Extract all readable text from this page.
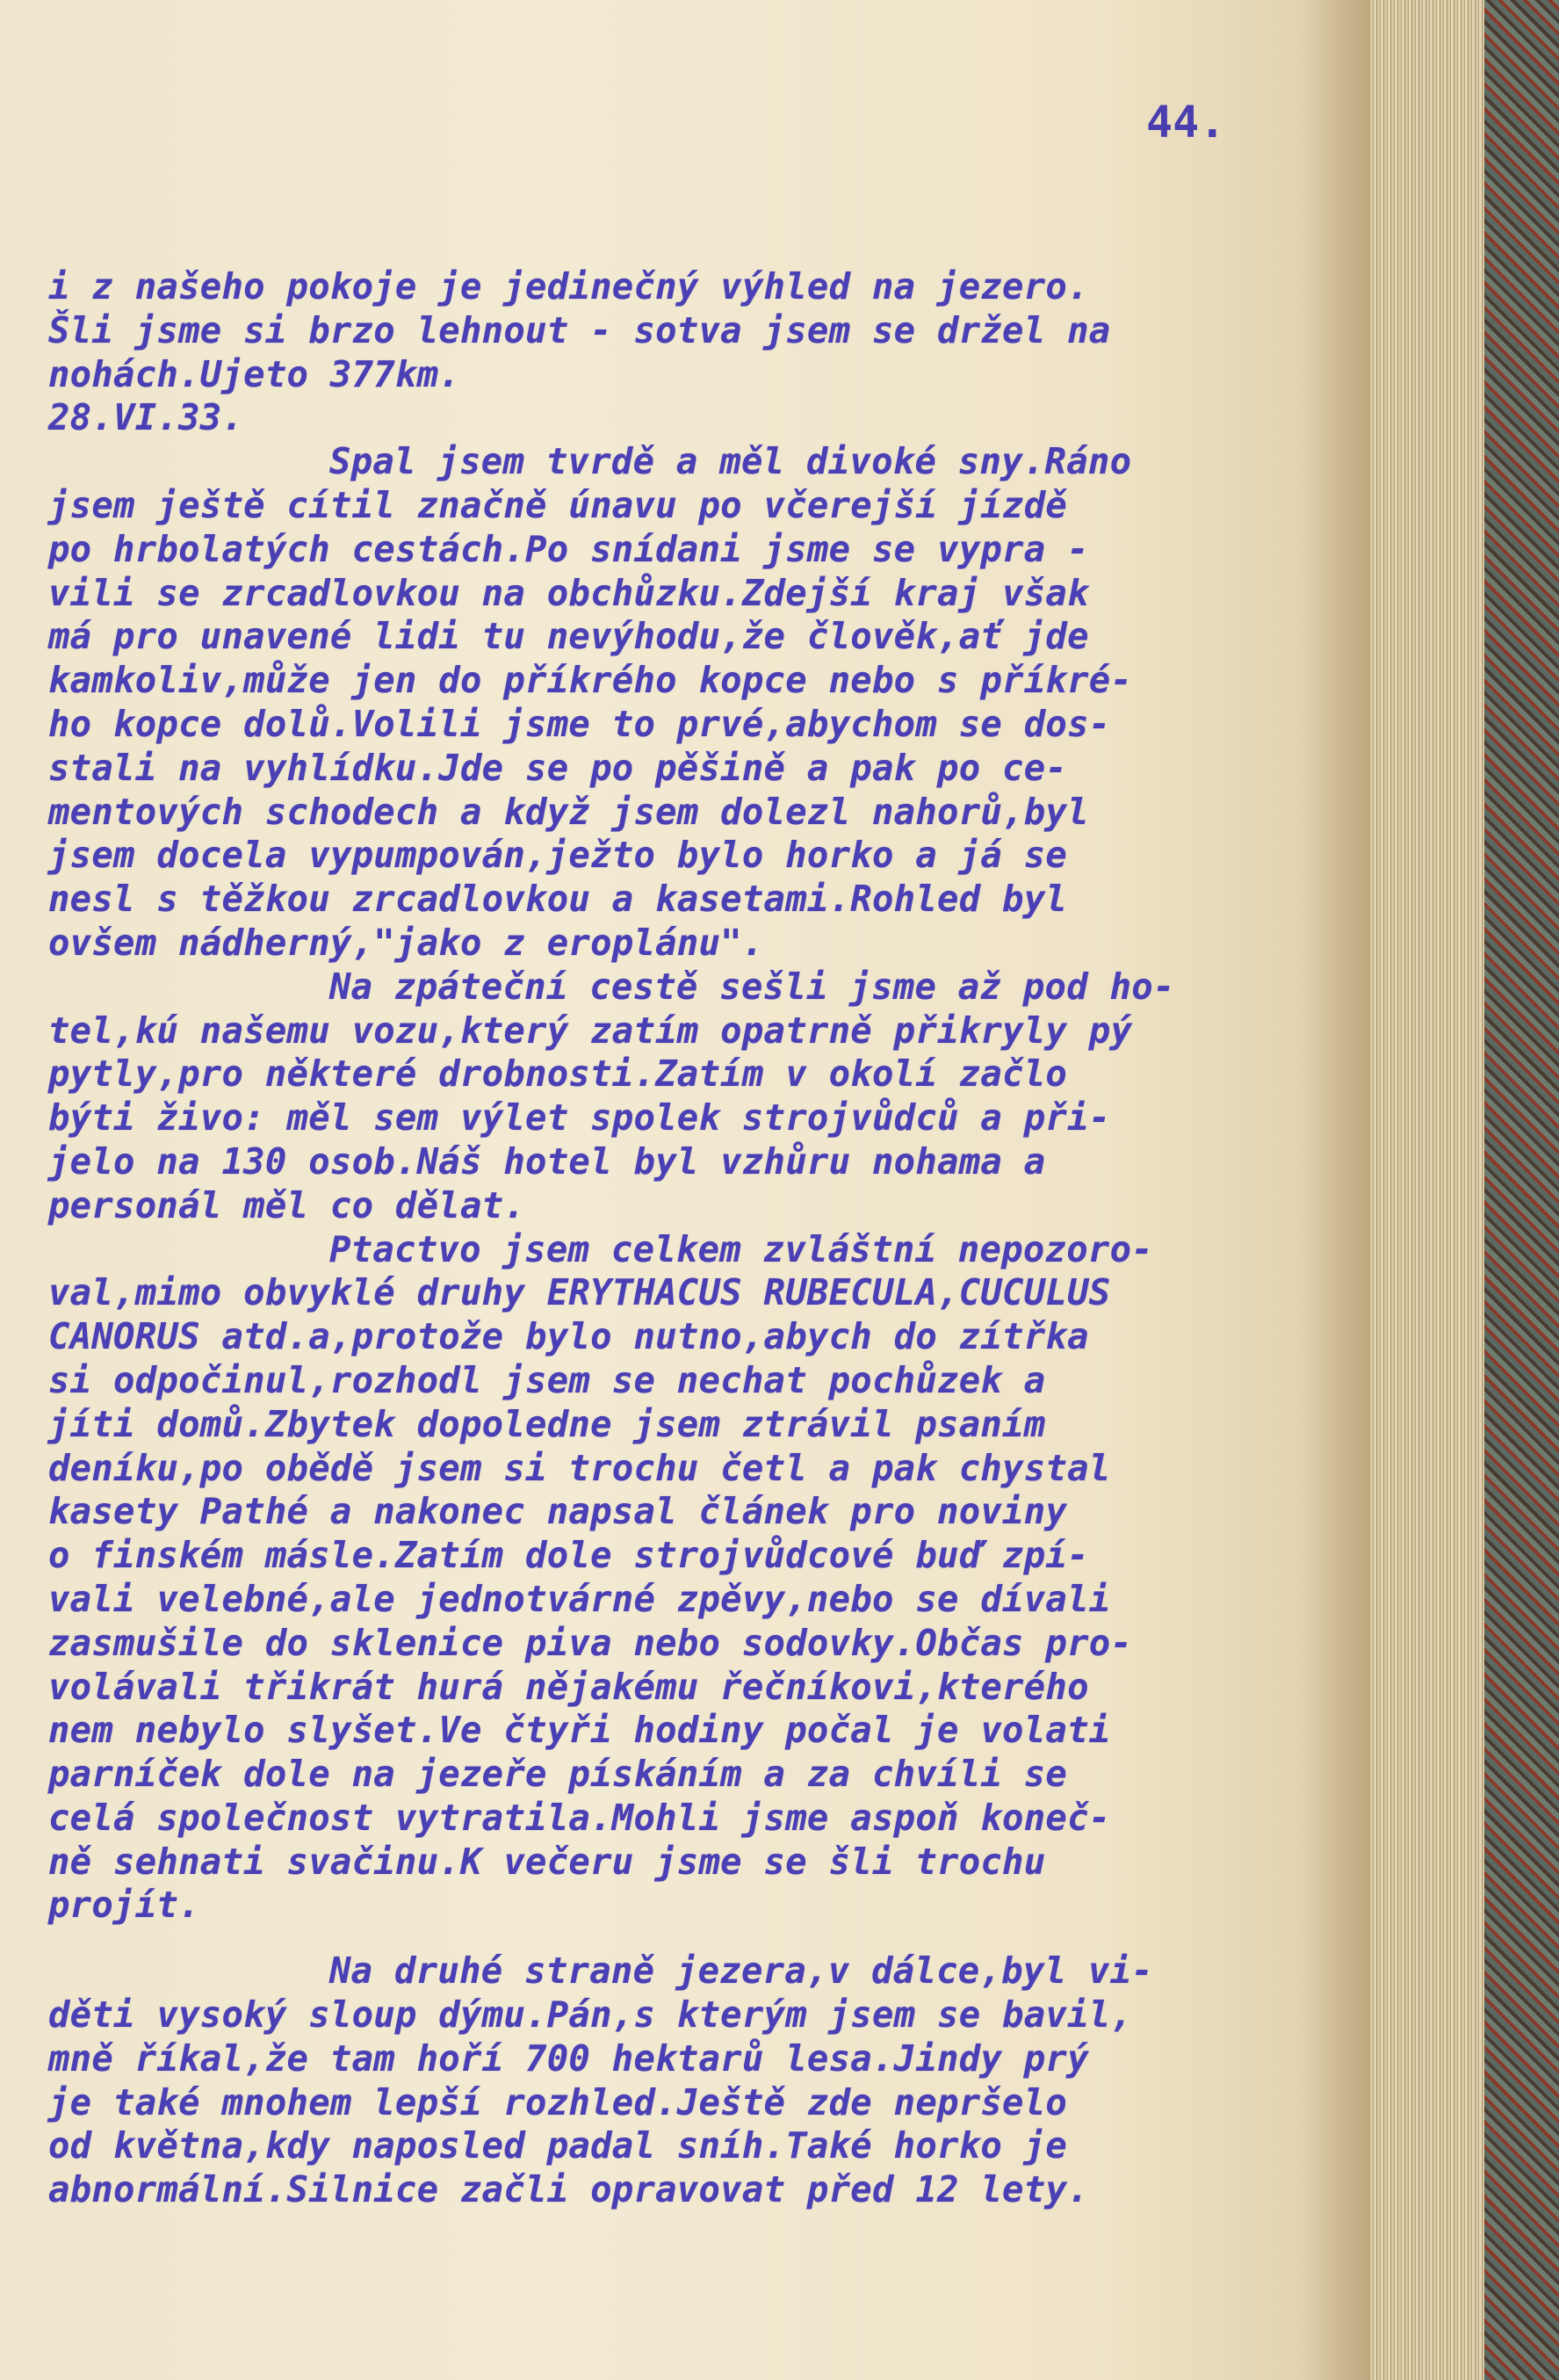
44.
i z našeho pokoje je jedinečný výhled na jezero.
Šli jsme si brzo lehnout - sotva jsem se držel na
nohách.Ujeto 377km.
28.VI.33.
Spal jsem tvrdě a měl divoké sny.Ráno
jsem ještě cítil značně únavu po včerejší jízdě
po hrbolatých cestách.Po snídani jsme se vypra -
vili se zrcadlovkou na obchůzku.Zdejší kraj však
má pro unavené lidi tu nevýhodu,že člověk,ať jde
kamkoliv,může jen do příkrého kopce nebo s příkré-
ho kopce dolů.Volili jsme to prvé,abychom se dos-
stali na vyhlídku.Jde se po pěšině a pak po ce-
mentových schodech a když jsem dolezl nahorů,byl
jsem docela vypumpován,ježto bylo horko a já se
nesl s těžkou zrcadlovkou a kasetami.Rohled byl
ovšem nádherný,"jako z eroplánu".
Na zpáteční cestě sešli jsme až pod ho-
tel,kú našemu vozu,který zatím opatrně přikryly pý
pytly,pro některé drobnosti.Zatím v okolí začlo
býti živo: měl sem výlet spolek strojvůdců a při-
jelo na 130 osob.Náš hotel byl vzhůru nohama a
personál měl co dělat.
Ptactvo jsem celkem zvláštní nepozoro-
val,mimo obvyklé druhy ERYTHACUS RUBECULA,CUCULUS
CANORUS atd.a,protože bylo nutno,abych do zítřka
si odpočinul,rozhodl jsem se nechat pochůzek a
jíti domů.Zbytek dopoledne jsem ztrávil psaním
deníku,po obědě jsem si trochu četl a pak chystal
kasety Pathé a nakonec napsal článek pro noviny
o finském másle.Zatím dole strojvůdcové buď zpí-
vali velebné,ale jednotvárné zpěvy,nebo se dívali
zasmušile do sklenice piva nebo sodovky.Občas pro-
volávali třikrát hurá nějakému řečníkovi,kterého
nem nebylo slyšet.Ve čtyři hodiny počal je volati
parníček dole na jezeře pískáním a za chvíli se
celá společnost vytratila.Mohli jsme aspoň koneč-
ně sehnati svačinu.K večeru jsme se šli trochu
projít.
Na druhé straně jezera,v dálce,byl vi-
děti vysoký sloup dýmu.Pán,s kterým jsem se bavil,
mně říkal,že tam hoří 700 hektarů lesa.Jindy prý
je také mnohem lepší rozhled.Ještě zde nepršelo
od května,kdy naposled padal sníh.Také horko je
abnormální.Silnice začli opravovat před 12 lety.
